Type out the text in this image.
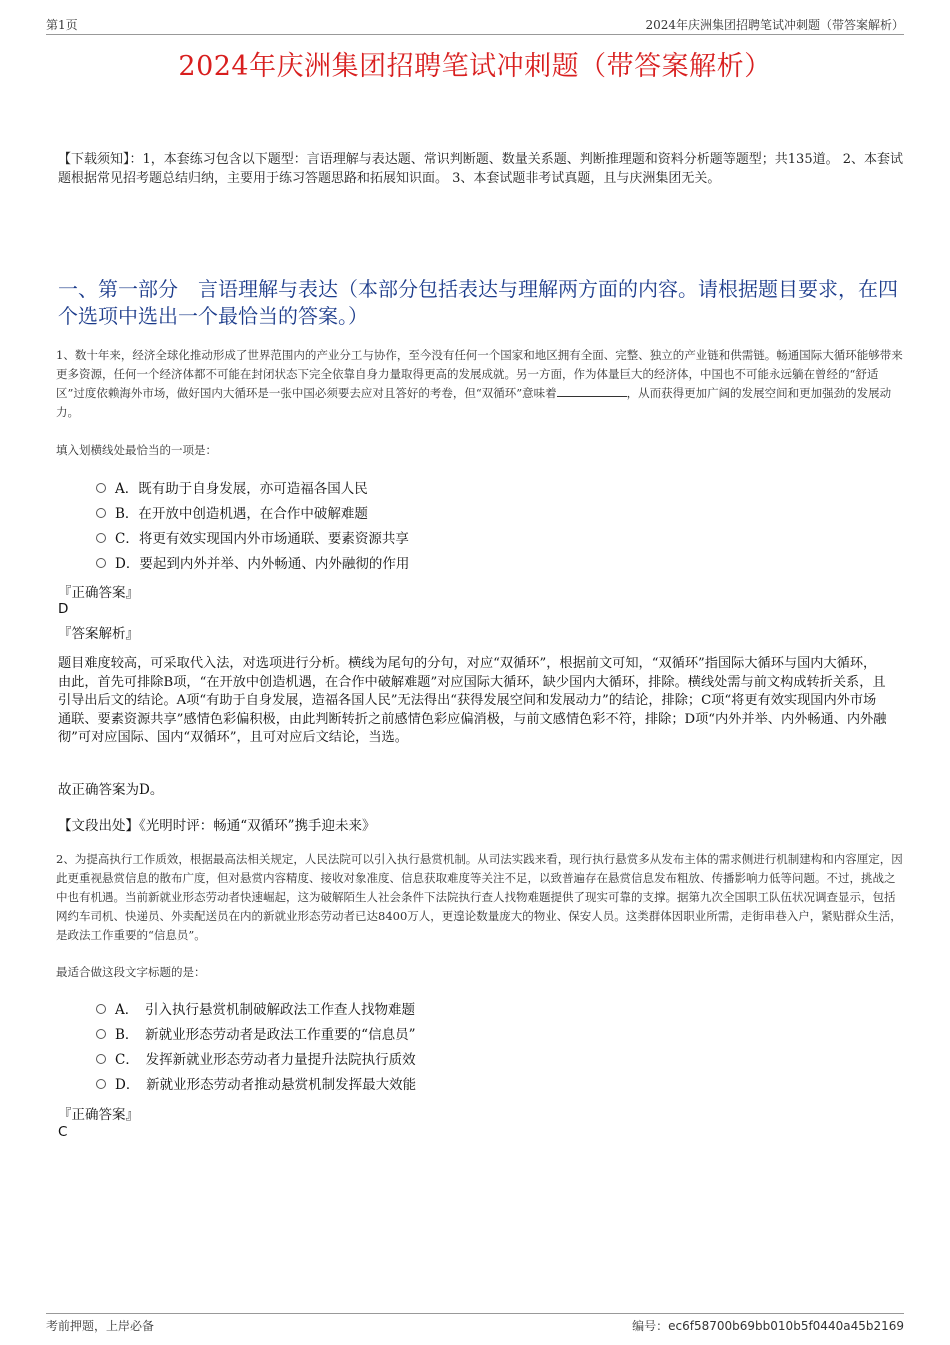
第1页	2024年庆洲集团招聘笔试冲刺题（带答案解析）
2024年庆洲集团招聘笔试冲刺题（带答案解析）
【下载须知】：1，本套练习包含以下题型：言语理解与表达题、常识判断题、数量关系题、判断推理题和资料分析题等题型；共135道。 2、本套试题根据常见招考题总结归纳，主要用于练习答题思路和拓展知识面。 3、本套试题非考试真题，且与庆洲集团无关。
一、第一部分　言语理解与表达（本部分包括表达与理解两方面的内容。请根据题目要求，在四个选项中选出一个最恰当的答案。）
1、数十年来，经济全球化推动形成了世界范围内的产业分工与协作，至今没有任何一个国家和地区拥有全面、完整、独立的产业链和供需链。畅通国际大循环能够带来更多资源，任何一个经济体都不可能在封闭状态下完全依靠自身力量取得更高的发展成就。另一方面，作为体量巨大的经济体，中国也不可能永远躺在曾经的“舒适区”过度依赖海外市场，做好国内大循环是一张中国必须要去应对且答好的考卷，但“双循环”意味着	，从而获得更加广阔的发展空间和更加强劲的发展动力。
填入划横线处最恰当的一项是：
A．既有助于自身发展，亦可造福各国人民
B．在开放中创造机遇，在合作中破解难题
C．将更有效实现国内外市场通联、要素资源共享
D．要起到内外并举、内外畅通、内外融彻的作用
『正确答案』
D
『答案解析』
题目难度较高，可采取代入法，对选项进行分析。横线为尾句的分句，对应“双循环”，根据前文可知，“双循环”指国际大循环与国内大循环，由此，首先可排除B项，“在开放中创造机遇，在合作中破解难题”对应国际大循环，缺少国内大循环，排除。横线处需与前文构成转折关系，且引导出后文的结论。A项“有助于自身发展，造福各国人民”无法得出“获得发展空间和发展动力”的结论，排除；C项“将更有效实现国内外市场通联、要素资源共享”感情色彩偏积极，由此判断转折之前感情色彩应偏消极，与前文感情色彩不符，排除；D项“内外并举、内外畅通、内外融彻”可对应国际、国内“双循环”，且可对应后文结论，当选。
故正确答案为D。
【文段出处】《光明时评：畅通“双循环”携手迎未来》
2、为提高执行工作质效，根据最高法相关规定，人民法院可以引入执行悬赏机制。从司法实践来看，现行执行悬赏多从发布主体的需求侧进行机制建构和内容厘定，因此更重视悬赏信息的散布广度，但对悬赏内容精度、接收对象准度、信息获取难度等关注不足，以致普遍存在悬赏信息发布粗放、传播影响力低等问题。不过，挑战之中也有机遇。当前新就业形态劳动者快速崛起，这为破解陌生人社会条件下法院执行查人找物难题提供了现实可靠的支撑。据第九次全国职工队伍状况调查显示，包括网约车司机、快递员、外卖配送员在内的新就业形态劳动者已达8400万人，更遑论数量庞大的物业、保安人员。这类群体因职业所需，走街串巷入户，紧贴群众生活，是政法工作重要的“信息员”。
最适合做这段文字标题的是：
A．　引入执行悬赏机制破解政法工作查人找物难题
B．　新就业形态劳动者是政法工作重要的“信息员”
C．　发挥新就业形态劳动者力量提升法院执行质效
D．　新就业形态劳动者推动悬赏机制发挥最大效能
『正确答案』
C
考前押题，上岸必备	编号：ec6f58700b69bb010b5f0440a45b2169
